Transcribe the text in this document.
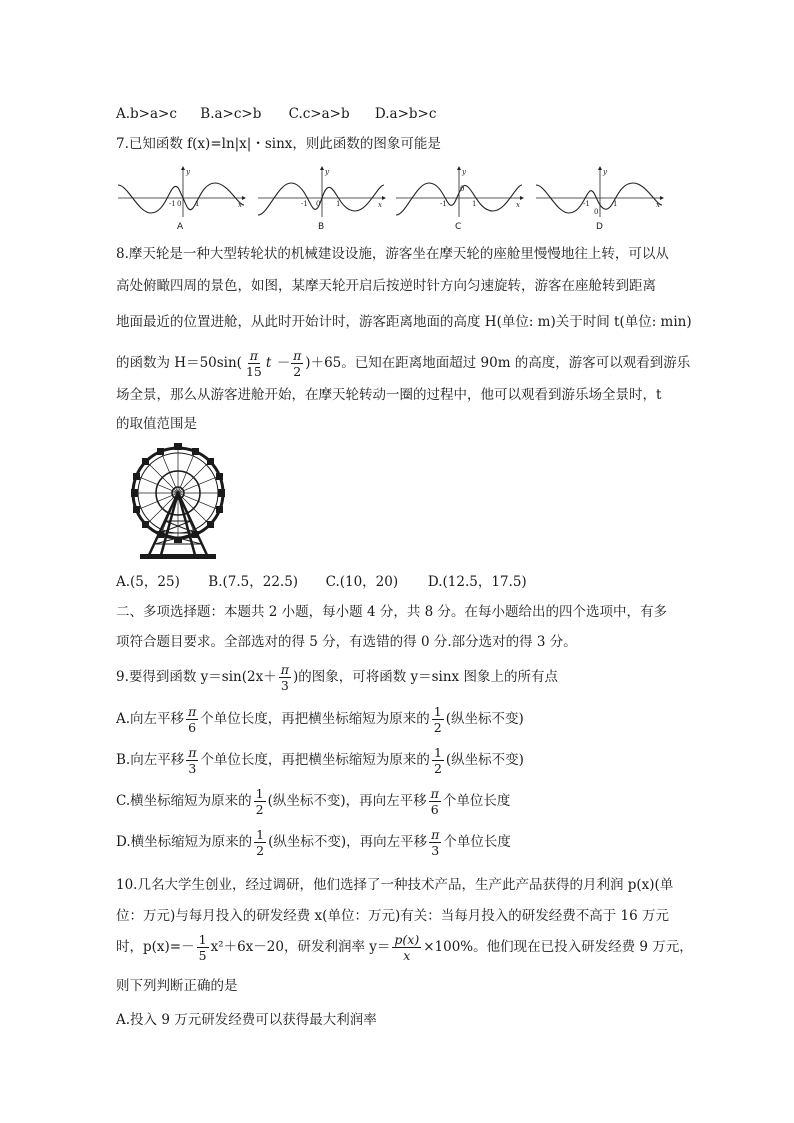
A.b>a>c B.a>c>b C.c>a>b D.a>b>c
7.已知函数 f(x)=ln|x|・sinx，则此函数的图象可能是
y
x
-1 0 1
A
y
x
-1 0 1
B
y
x
-1
0
1
C
y
x
-1
0
1
D
8.摩天轮是一种大型转轮状的机械建设设施，游客坐在摩天轮的座舱里慢慢地往上转，可以从
高处俯瞰四周的景色，如图，某摩天轮开启后按逆时针方向匀速旋转，游客在座舱转到距离
地面最近的位置进舱，从此时开始计时，游客距离地面的高度 H(单位: m)关于时间 t(单位: min)
的函数为 $H=50\sin( \frac{\pi}{15}$ $t - \frac{\pi}{2} )+65$。已知在距离地面超过 90m 的高度，游客可以观看到游乐
场全景，那么从游客进舱开始，在摩天轮转动一圈的过程中，他可以观看到游乐场全景时，t
的取值范围是
A.(5，25) B.(7.5，22.5) C.(10，20) D.(12.5，17.5)
二、多项选择题：本题共 2 小题，每小题 4 分，共 8 分。在每小题给出的四个选项中，有多
项符合题目要求。全部选对的得 5 分，有选错的得 0 分.部分选对的得 3 分。
9.要得到函数 $y=\sin(2x+ \frac{\pi}{3}$ )的图象，可将函数 y＝sinx 图象上的所有点
A.向左平移 $\frac{\pi}{6}$ 个单位长度，再把横坐标缩短为原来的 $\frac{1}{2}$ (纵坐标不变)
B.向左平移 $\frac{\pi}{3}$ 个单位长度，再把横坐标缩短为原来的 $\frac{1}{2}$ (纵坐标不变)
C.横坐标缩短为原来的 $\frac{1}{2}$ (纵坐标不变)，再向左平移 $\frac{\pi}{6}$ 个单位长度
D.横坐标缩短为原来的 $\frac{1}{2}$ (纵坐标不变)，再向左平移 $\frac{\pi}{3}$ 个单位长度
10.几名大学生创业，经过调研，他们选择了一种技术产品，生产此产品获得的月利润 p(x)(单
位：万元)与每月投入的研发经费 x(单位：万元)有关：当每月投入的研发经费不高于 16 万元
时，$p(x)=- \frac{1}{5} x^2+6x-20$，研发利润率 $y= \frac{p(x)}{x} \times 100\%$。他们现在已投入研发经费 9 万元，
则下列判断正确的是
A.投入 9 万元研发经费可以获得最大利润率
